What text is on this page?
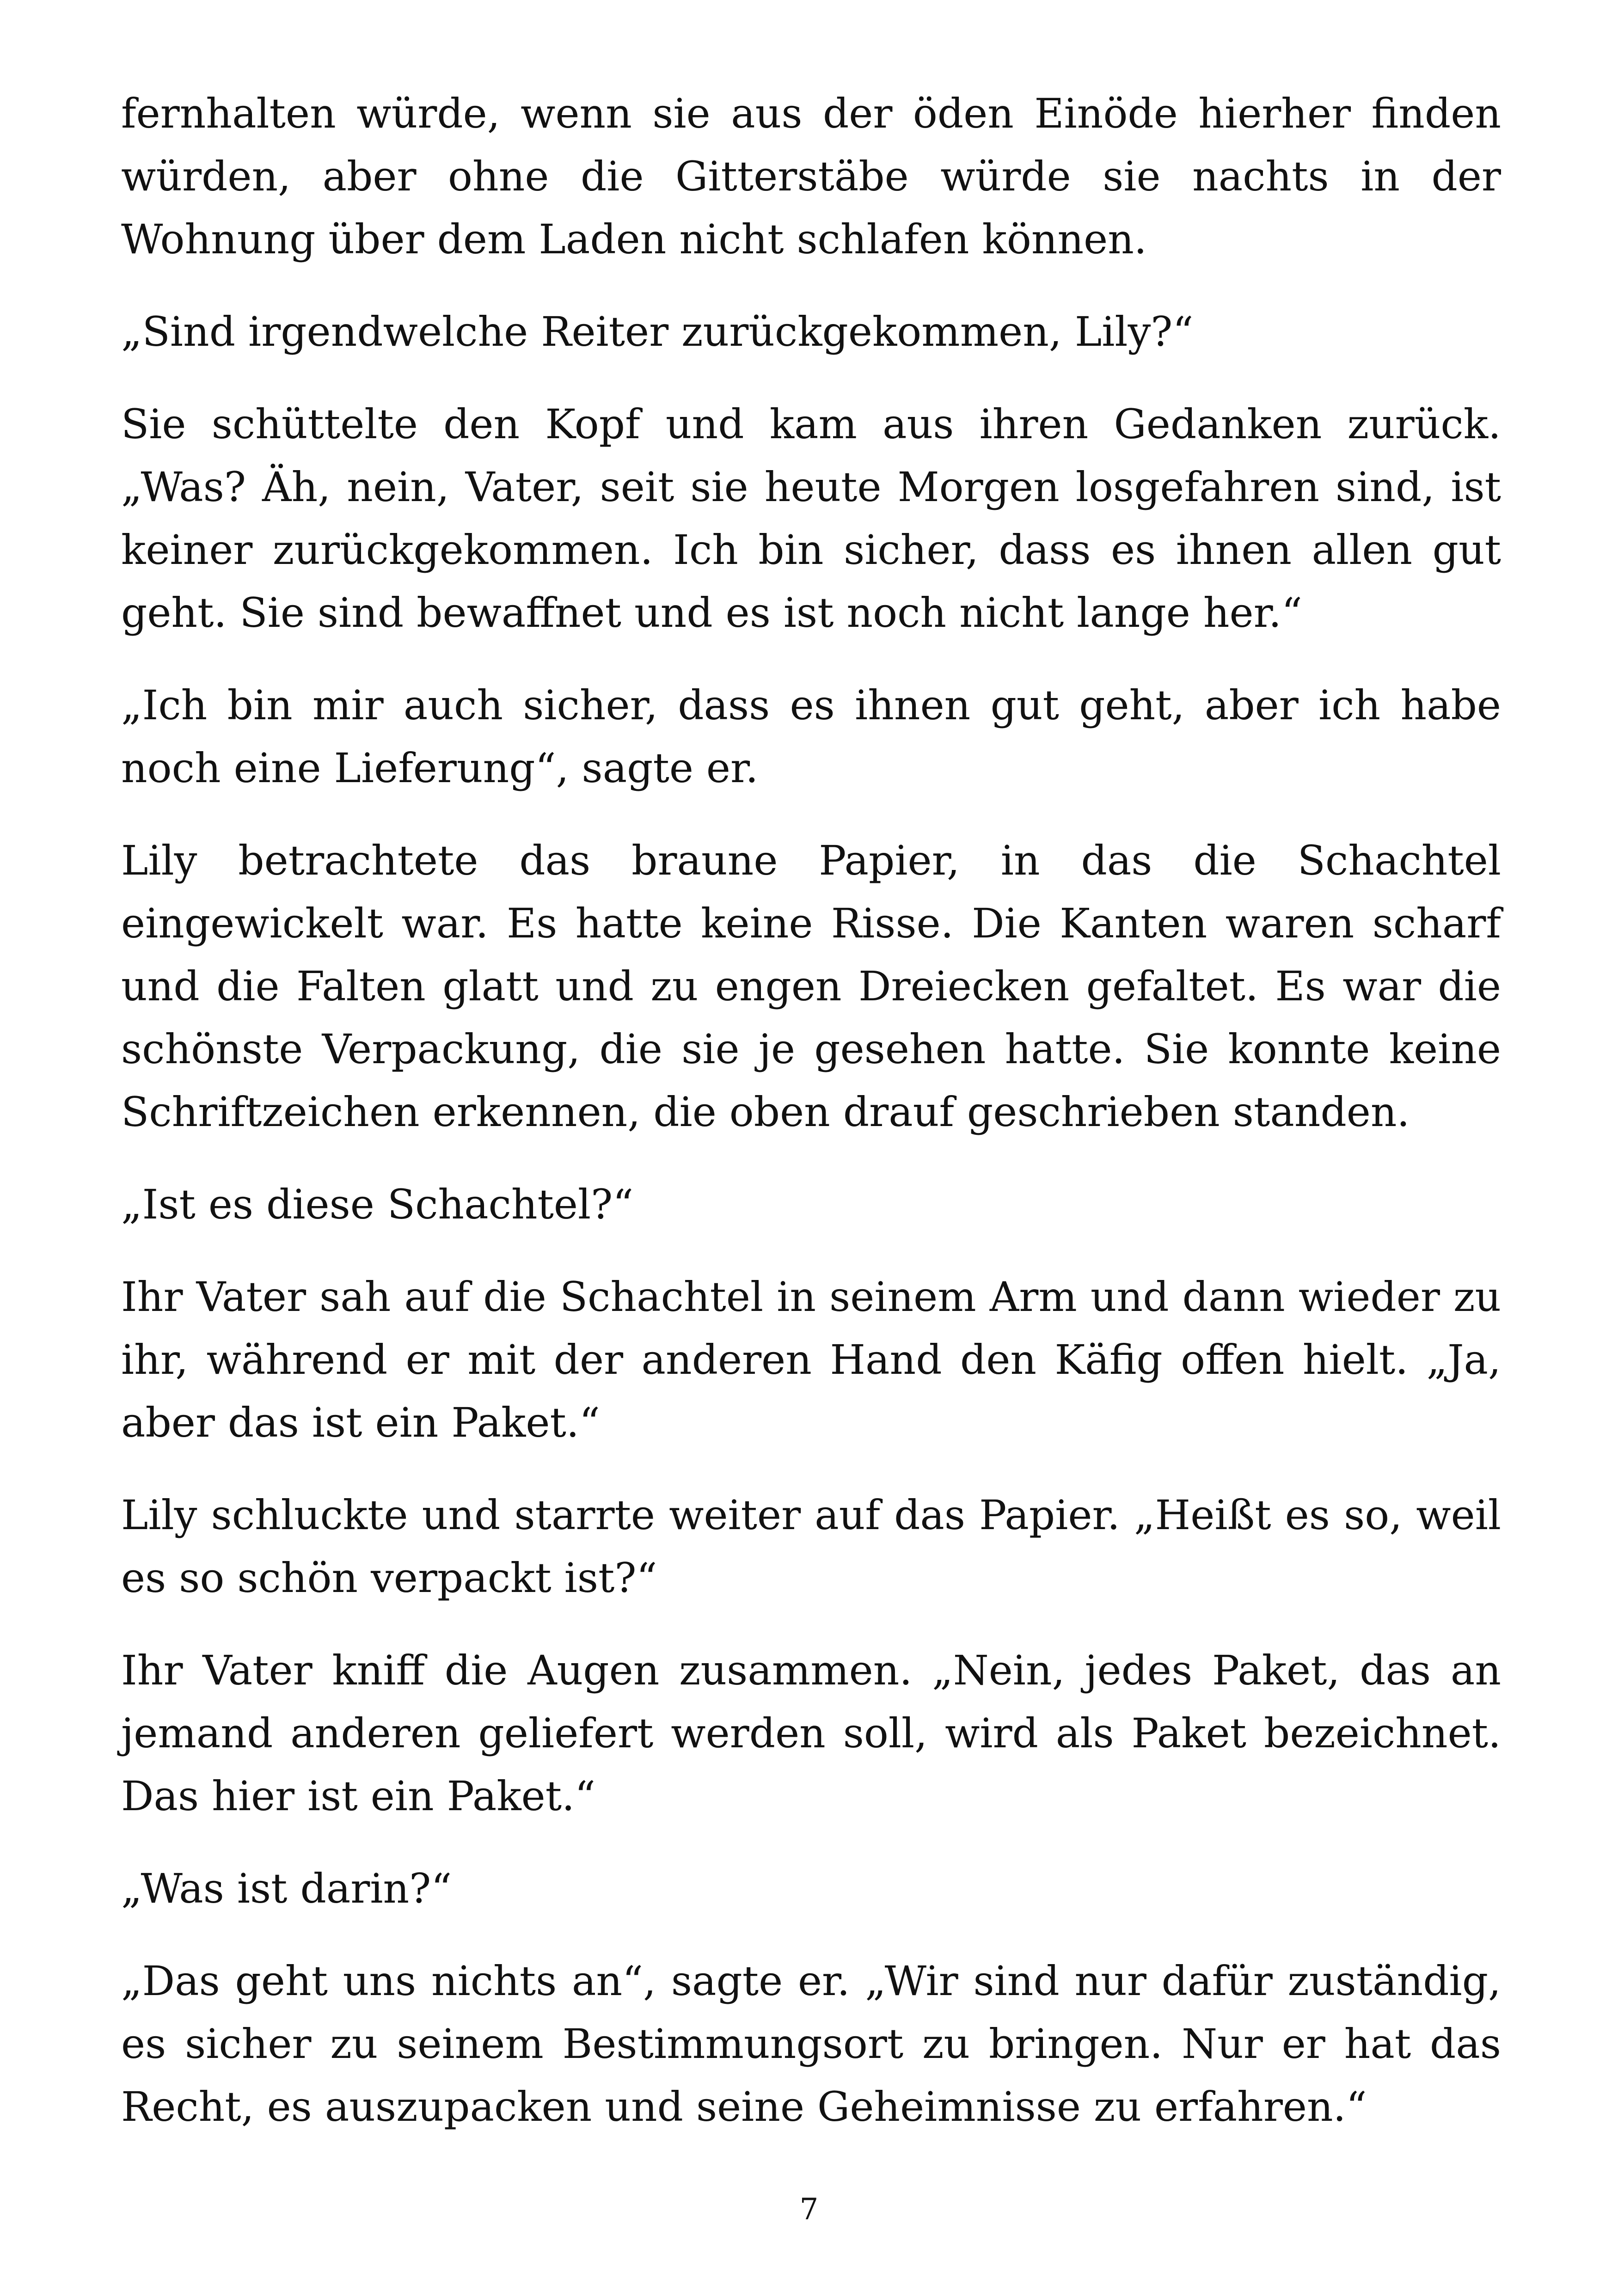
fernhalten würde, wenn sie aus der öden Einöde hierher finden würden, aber ohne die Gitterstäbe würde sie nachts in der Wohnung über dem Laden nicht schlafen können.

„Sind irgendwelche Reiter zurückgekommen, Lily?“

Sie schüttelte den Kopf und kam aus ihren Gedanken zurück. „Was? Äh, nein, Vater, seit sie heute Morgen losgefahren sind, ist keiner zurückgekommen. Ich bin sicher, dass es ihnen allen gut geht. Sie sind bewaffnet und es ist noch nicht lange her.“

„Ich bin mir auch sicher, dass es ihnen gut geht, aber ich habe noch eine Lieferung“, sagte er.

Lily betrachtete das braune Papier, in das die Schachtel eingewickelt war. Es hatte keine Risse. Die Kanten waren scharf und die Falten glatt und zu engen Dreiecken gefaltet. Es war die schönste Verpackung, die sie je gesehen hatte. Sie konnte keine Schriftzeichen erkennen, die oben drauf geschrieben standen.

„Ist es diese Schachtel?“

Ihr Vater sah auf die Schachtel in seinem Arm und dann wieder zu ihr, während er mit der anderen Hand den Käfig offen hielt. „Ja, aber das ist ein Paket.“

Lily schluckte und starrte weiter auf das Papier. „Heißt es so, weil es so schön verpackt ist?“

Ihr Vater kniff die Augen zusammen. „Nein, jedes Paket, das an jemand anderen geliefert werden soll, wird als Paket bezeichnet. Das hier ist ein Paket.“

„Was ist darin?“

„Das geht uns nichts an“, sagte er. „Wir sind nur dafür zuständig, es sicher zu seinem Bestimmungsort zu bringen. Nur er hat das Recht, es auszupacken und seine Geheimnisse zu erfahren.“

7
